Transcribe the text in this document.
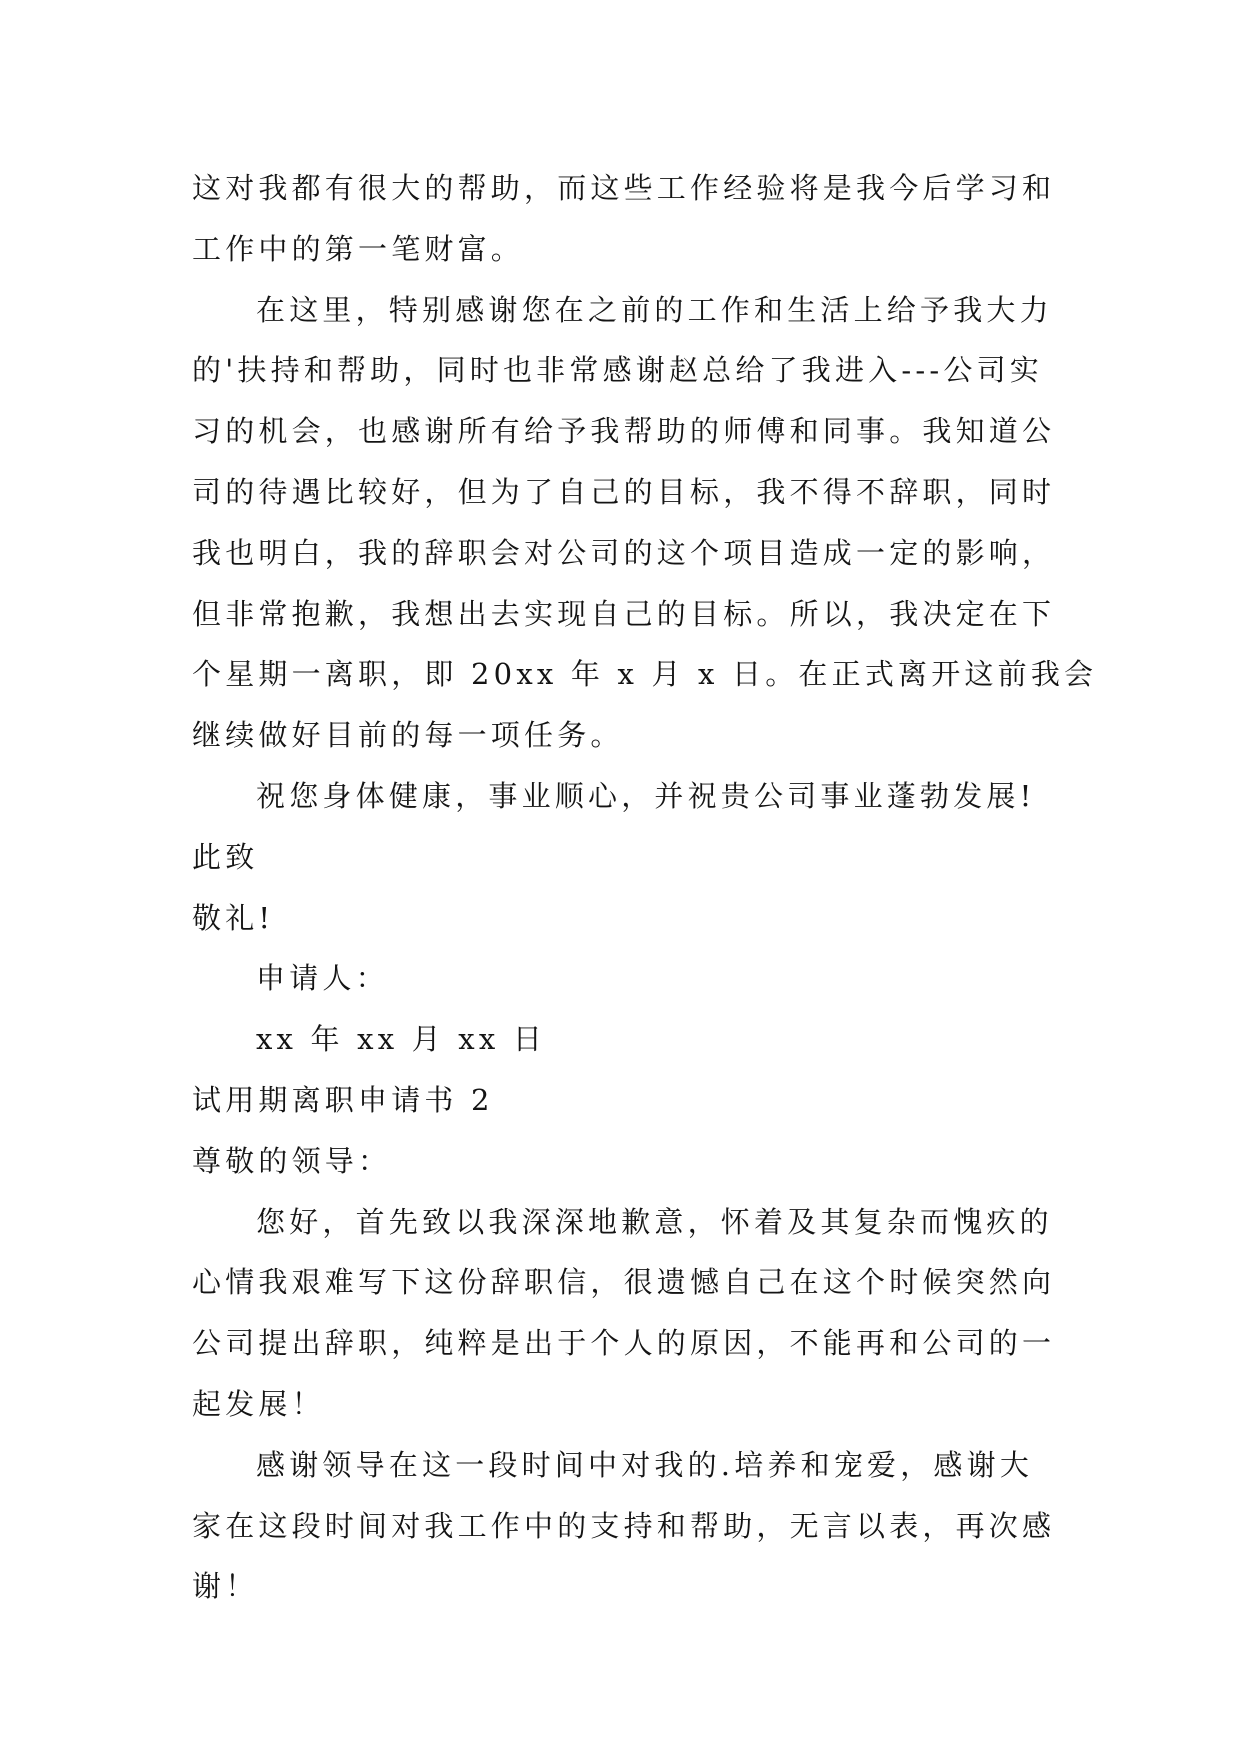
这对我都有很大的帮助，而这些工作经验将是我今后学习和
工作中的第一笔财富。
在这里，特别感谢您在之前的工作和生活上给予我大力
的'扶持和帮助，同时也非常感谢赵总给了我进入---公司实
习的机会，也感谢所有给予我帮助的师傅和同事。我知道公
司的待遇比较好，但为了自己的目标，我不得不辞职，同时
我也明白，我的辞职会对公司的这个项目造成一定的影响，
但非常抱歉，我想出去实现自己的目标。所以，我决定在下
个星期一离职，即 20xx 年 x 月 x 日。在正式离开这前我会
继续做好目前的每一项任务。
祝您身体健康，事业顺心，并祝贵公司事业蓬勃发展!
此致
敬礼!
申请人：
xx 年 xx 月 xx 日
试用期离职申请书 2
尊敬的领导：
您好，首先致以我深深地歉意，怀着及其复杂而愧疚的
心情我艰难写下这份辞职信，很遗憾自己在这个时候突然向
公司提出辞职，纯粹是出于个人的原因，不能再和公司的一
起发展！
感谢领导在这一段时间中对我的.培养和宠爱，感谢大
家在这段时间对我工作中的支持和帮助，无言以表，再次感
谢！
